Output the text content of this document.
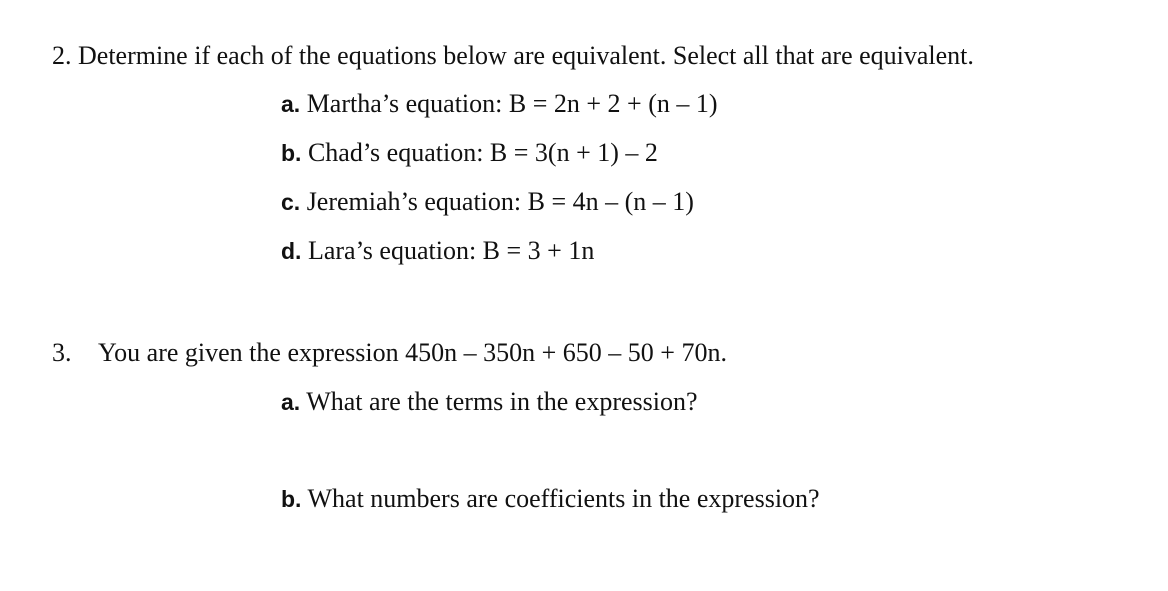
2. Determine if each of the equations below are equivalent. Select all that are equivalent.
a. Martha’s equation: B = 2n + 2 + (n – 1)
b. Chad’s equation: B = 3(n + 1) – 2
c. Jeremiah’s equation: B = 4n – (n – 1)
d. Lara’s equation: B = 3 + 1n
3. You are given the expression 450n – 350n + 650 – 50 + 70n.
a. What are the terms in the expression?
b. What numbers are coefficients in the expression?
